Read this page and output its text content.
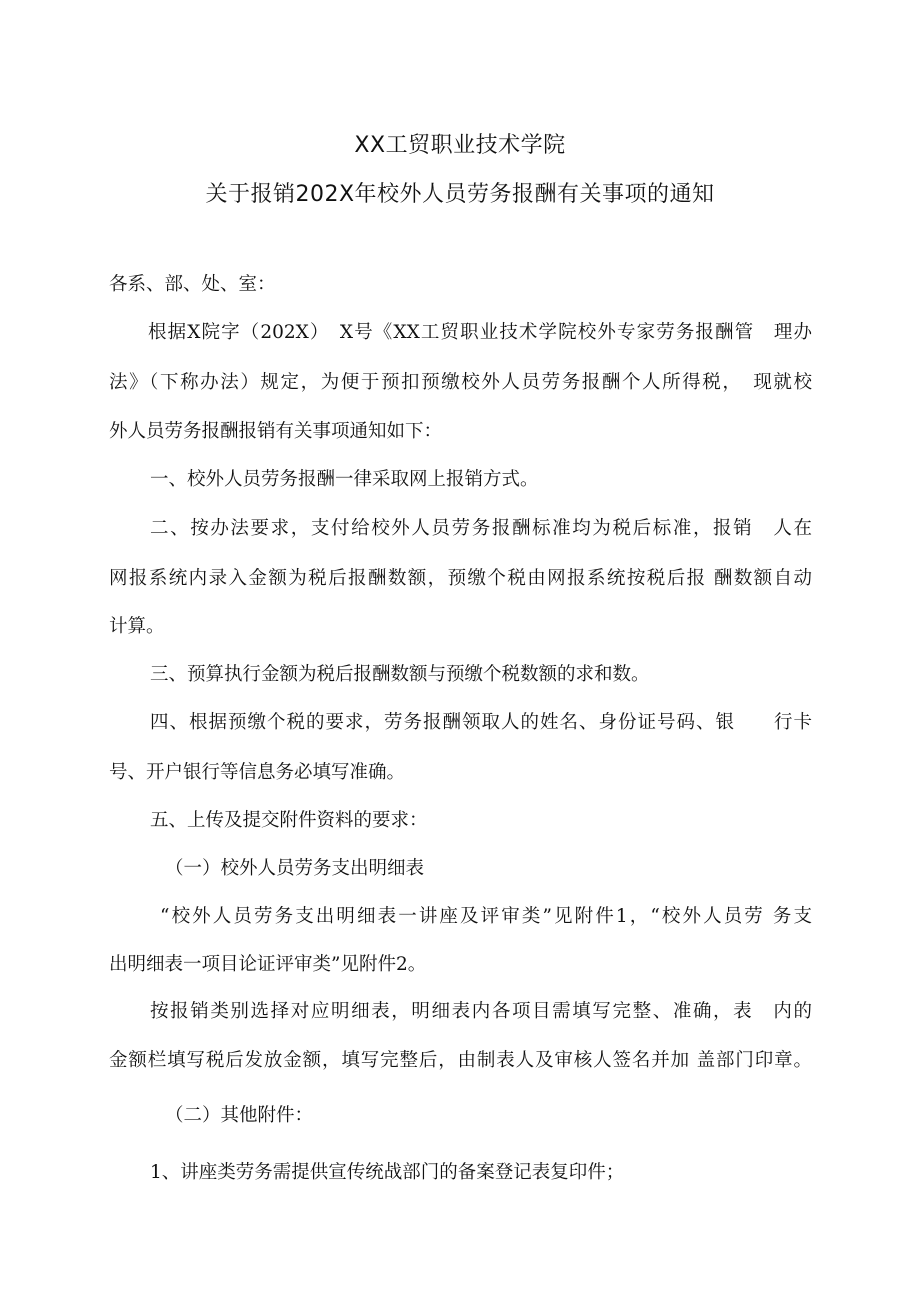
XX工贸职业技术学院
关于报销202X年校外人员劳务报酬有关事项的通知
各系、部、处、室：
根据X院字（202X）　X号《XX工贸职业技术学院校外专家劳务报酬管　理办
法》（下称办法）规定，为便于预扣预缴校外人员劳务报酬个人所得税，　现就校
外人员劳务报酬报销有关事项通知如下：
一、校外人员劳务报酬一律采取网上报销方式。
二、按办法要求，支付给校外人员劳务报酬标准均为税后标准，报销　人在
网报系统内录入金额为税后报酬数额，预缴个税由网报系统按税后报 酬数额自动
计算。
三、预算执行金额为税后报酬数额与预缴个税数额的求和数。
四、根据预缴个税的要求，劳务报酬领取人的姓名、身份证号码、银　　行卡
号、开户银行等信息务必填写准确。
五、上传及提交附件资料的要求：
（一）校外人员劳务支出明细表
“校外人员劳务支出明细表一讲座及评审类”见附件1，“校外人员劳 务支
出明细表一项目论证评审类”见附件2。
按报销类别选择对应明细表，明细表内各项目需填写完整、准确，表　内的
金额栏填写税后发放金额，填写完整后，由制表人及审核人签名并加 盖部门印章。
（二）其他附件：
1、讲座类劳务需提供宣传统战部门的备案登记表复印件；
